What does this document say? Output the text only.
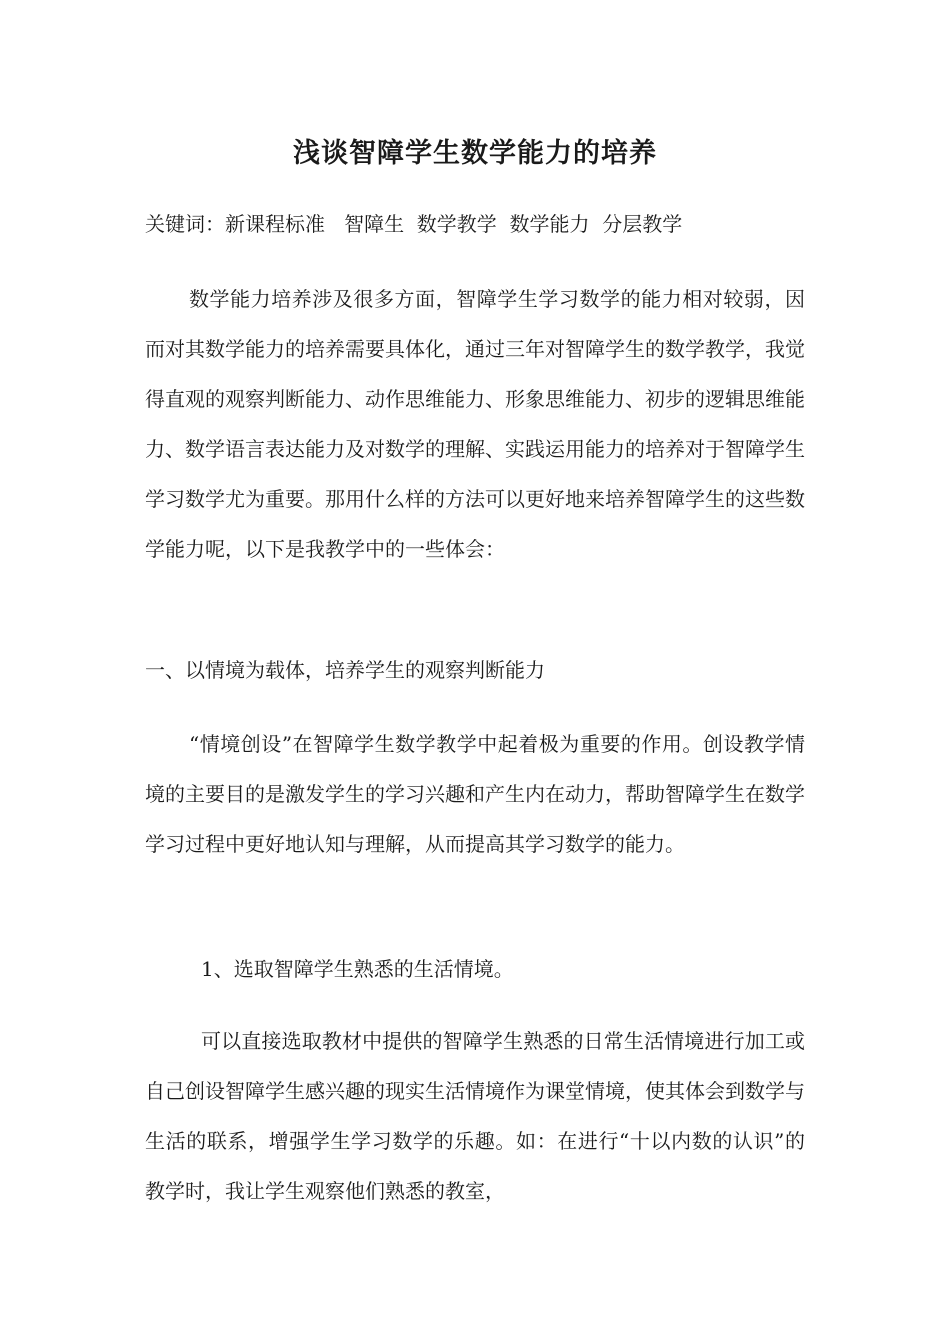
浅谈智障学生数学能力的培养
关键词：新课程标准   智障生  数学教学  数学能力  分层教学

数学能力培养涉及很多方面，智障学生学习数学的能力相对较弱，因而对其数学能力的培养需要具体化，通过三年对智障学生的数学教学，我觉得直观的观察判断能力、动作思维能力、形象思维能力、初步的逻辑思维能力、数学语言表达能力及对数学的理解、实践运用能力的培养对于智障学生学习数学尤为重要。那用什么样的方法可以更好地来培养智障学生的这些数学能力呢，以下是我教学中的一些体会：

一、以情境为载体，培养学生的观察判断能力

“情境创设”在智障学生数学教学中起着极为重要的作用。创设教学情境的主要目的是激发学生的学习兴趣和产生内在动力，帮助智障学生在数学学习过程中更好地认知与理解，从而提高其学习数学的能力。

1、选取智障学生熟悉的生活情境。

可以直接选取教材中提供的智障学生熟悉的日常生活情境进行加工或自己创设智障学生感兴趣的现实生活情境作为课堂情境，使其体会到数学与生活的联系，增强学生学习数学的乐趣。如：在进行“十以内数的认识”的教学时，我让学生观察他们熟悉的教室，
